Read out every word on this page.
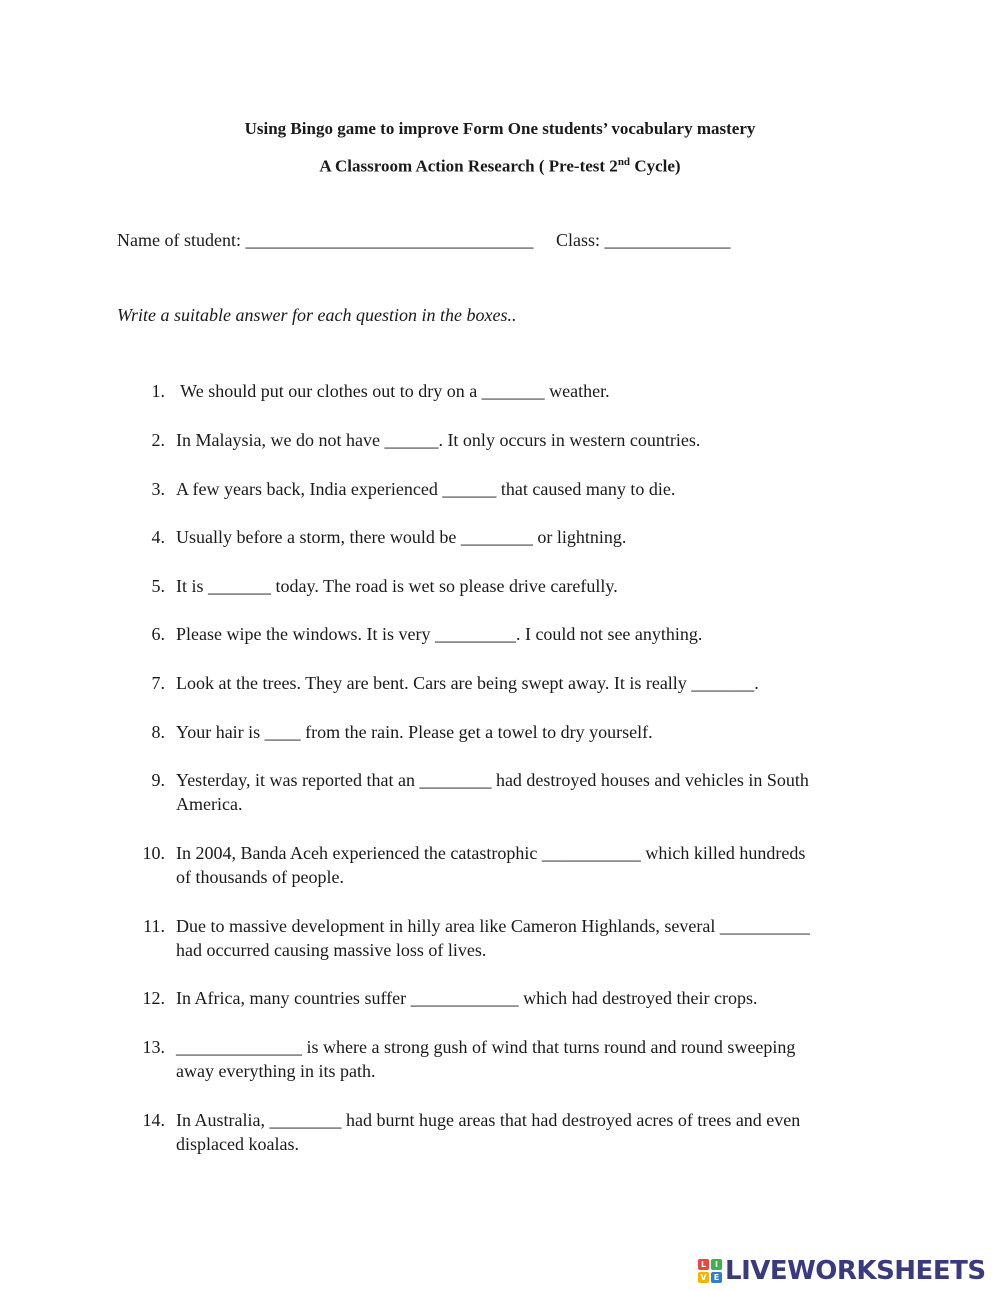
Using Bingo game to improve Form One students’ vocabulary mastery
A Classroom Action Research ( Pre-test 2nd Cycle)
Name of student: ________________________________ Class: ______________
Write a suitable answer for each question in the boxes..
1. We should put our clothes out to dry on a _______ weather.
2. In Malaysia, we do not have ______. It only occurs in western countries.
3. A few years back, India experienced ______ that caused many to die.
4. Usually before a storm, there would be ________ or lightning.
5. It is _______ today. The road is wet so please drive carefully.
6. Please wipe the windows. It is very _________. I could not see anything.
7. Look at the trees. They are bent. Cars are being swept away. It is really _______.
8. Your hair is ____ from the rain. Please get a towel to dry yourself.
9. Yesterday, it was reported that an ________ had destroyed houses and vehicles in South
America.
10. In 2004, Banda Aceh experienced the catastrophic ___________ which killed hundreds
of thousands of people.
11. Due to massive development in hilly area like Cameron Highlands, several __________
had occurred causing massive loss of lives.
12. In Africa, many countries suffer ____________ which had destroyed their crops.
13. ______________ is where a strong gush of wind that turns round and round sweeping
away everything in its path.
14. In Australia, ________ had burnt huge areas that had destroyed acres of trees and even
displaced koalas.
L	I
V E LIVEWORKSHEETS
